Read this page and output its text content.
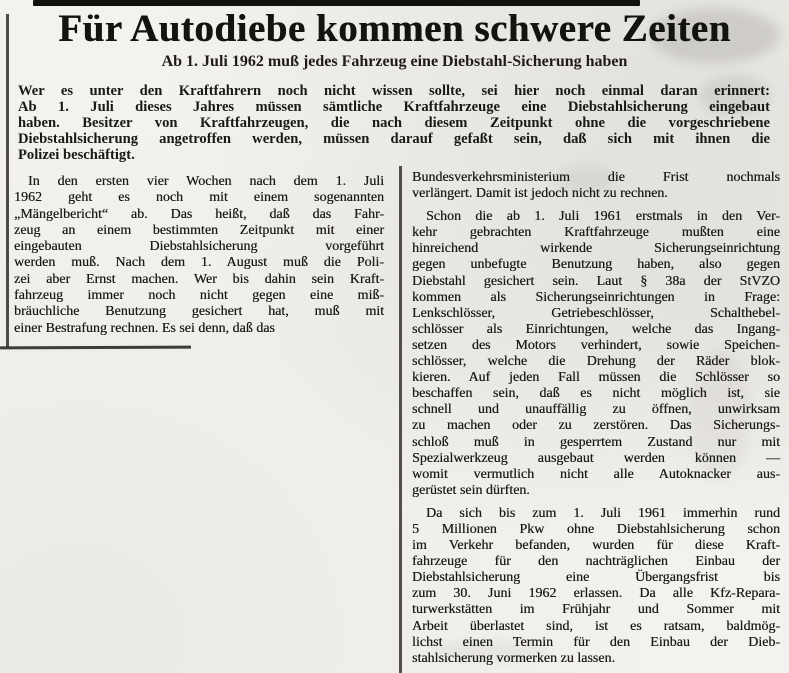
Für Autodiebe kommen schwere Zeiten
Ab 1. Juli 1962 muß jedes Fahrzeug eine Diebstahl-Sicherung haben
Wer es unter den Kraftfahrern noch nicht wissen sollte, sei hier noch einmal daran erinnert:
Ab 1. Juli dieses Jahres müssen sämtliche Kraftfahrzeuge eine Diebstahlsicherung eingebaut
haben. Besitzer von Kraftfahrzeugen, die nach diesem Zeitpunkt ohne die vorgeschriebene
Diebstahlsicherung angetroffen werden, müssen darauf gefaßt sein, daß sich mit ihnen die
Polizei beschäftigt.
In den ersten vier Wochen nach dem 1. Juli
1962 geht es noch mit einem sogenannten
„Mängelbericht“ ab. Das heißt, daß das Fahr-
zeug an einem bestimmten Zeitpunkt mit einer
eingebauten Diebstahlsicherung vorgeführt
werden muß. Nach dem 1. August muß die Poli-
zei aber Ernst machen. Wer bis dahin sein Kraft-
fahrzeug immer noch nicht gegen eine miß-
bräuchliche Benutzung gesichert hat, muß mit
einer Bestrafung rechnen. Es sei denn, daß das
Bundesverkehrsministerium die Frist nochmals
verlängert. Damit ist jedoch nicht zu rechnen.
Schon die ab 1. Juli 1961 erstmals in den Ver-
kehr gebrachten Kraftfahrzeuge mußten eine
hinreichend wirkende Sicherungseinrichtung
gegen unbefugte Benutzung haben, also gegen
Diebstahl gesichert sein. Laut § 38a der StVZO
kommen als Sicherungseinrichtungen in Frage:
Lenkschlösser, Getriebeschlösser, Schalthebel-
schlösser als Einrichtungen, welche das Ingang-
setzen des Motors verhindert, sowie Speichen-
schlösser, welche die Drehung der Räder blok-
kieren. Auf jeden Fall müssen die Schlösser so
beschaffen sein, daß es nicht möglich ist, sie
schnell und unauffällig zu öffnen, unwirksam
zu machen oder zu zerstören. Das Sicherungs-
schloß muß in gesperrtem Zustand nur mit
Spezialwerkzeug ausgebaut werden können —
womit vermutlich nicht alle Autoknacker aus-
gerüstet sein dürften.
Da sich bis zum 1. Juli 1961 immerhin rund
5 Millionen Pkw ohne Diebstahlsicherung schon
im Verkehr befanden, wurden für diese Kraft-
fahrzeuge für den nachträglichen Einbau der
Diebstahlsicherung eine Übergangsfrist bis
zum 30. Juni 1962 erlassen. Da alle Kfz-Repara-
turwerkstätten im Frühjahr und Sommer mit
Arbeit überlastet sind, ist es ratsam, baldmög-
lichst einen Termin für den Einbau der Dieb-
stahlsicherung vormerken zu lassen.
